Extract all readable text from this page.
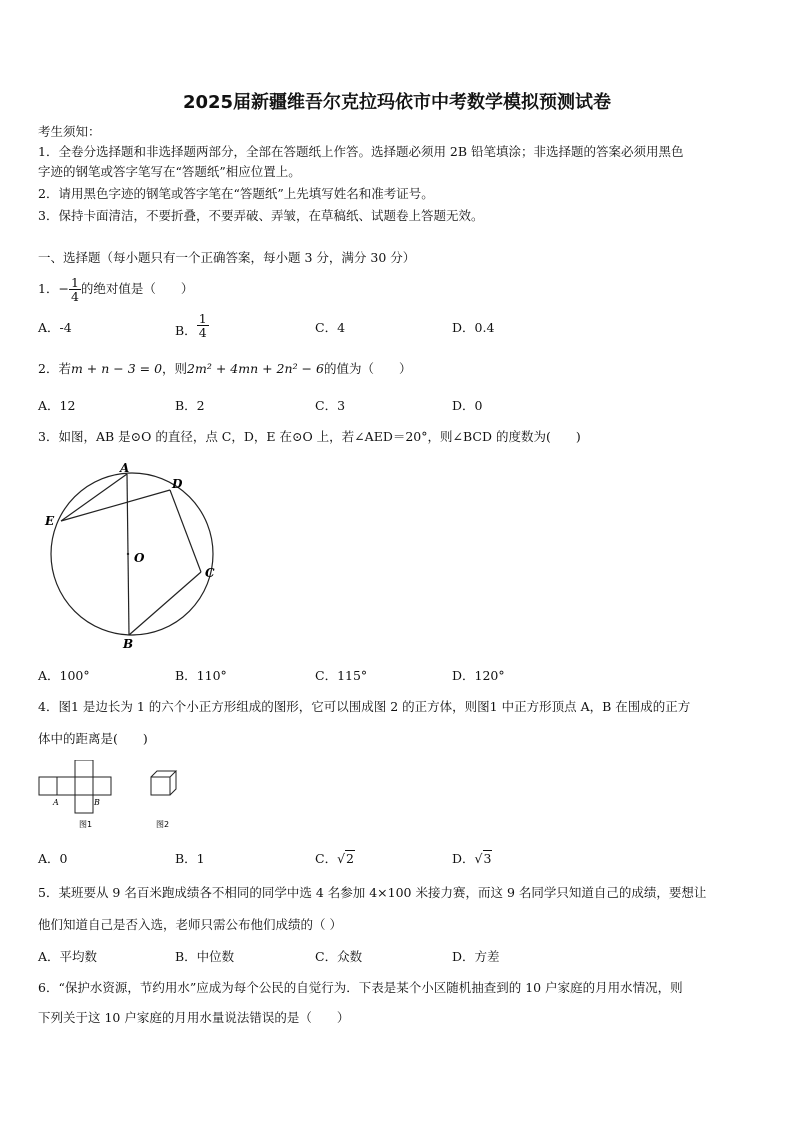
2025届新疆维吾尔克拉玛依市中考数学模拟预测试卷
考生须知：
1．全卷分选择题和非选择题两部分，全部在答题纸上作答。选择题必须用 2B 铅笔填涂；非选择题的答案必须用黑色
字迹的钢笔或答字笔写在“答题纸”相应位置上。
2．请用黑色字迹的钢笔或答字笔在“答题纸”上先填写姓名和准考证号。
3．保持卡面清洁，不要折叠，不要弄破、弄皱，在草稿纸、试题卷上答题无效。
一、选择题（每小题只有一个正确答案，每小题 3 分，满分 30 分）
1．− $\frac{1}{4}$ 的绝对值是（　　）
A．-4	B． $\frac{1}{4}$	C．4	D．0.4
2．若m + n − 3 = 0，则2m² + 4mn + 2n² − 6的值为（　　）
A．12	B．2	C．3	D．0
3．如图，AB 是⊙O 的直径，点 C，D，E 在⊙O 上，若∠AED＝20°，则∠BCD 的度数为(　　)
A
D
E
O
C
B
A．100°	B．110°	C．115°	D．120°
4．图1 是边长为 1 的六个小正方形组成的图形，它可以围成图 2 的正方体，则图1 中正方形顶点 A，B 在围成的正方
体中的距离是(　　)
A	B
图1	图2
A．0	B．1	C．√2	D．√3
5．某班要从 9 名百米跑成绩各不相同的同学中选 4 名参加 4×100 米接力赛，而这 9 名同学只知道自己的成绩，要想让
他们知道自己是否入选，老师只需公布他们成绩的（ ）
A．平均数	B．中位数	C．众数	D．方差
6．“保护水资源，节约用水”应成为每个公民的自觉行为．下表是某个小区随机抽查到的 10 户家庭的月用水情况，则
下列关于这 10 户家庭的月用水量说法错误的是（　　）
